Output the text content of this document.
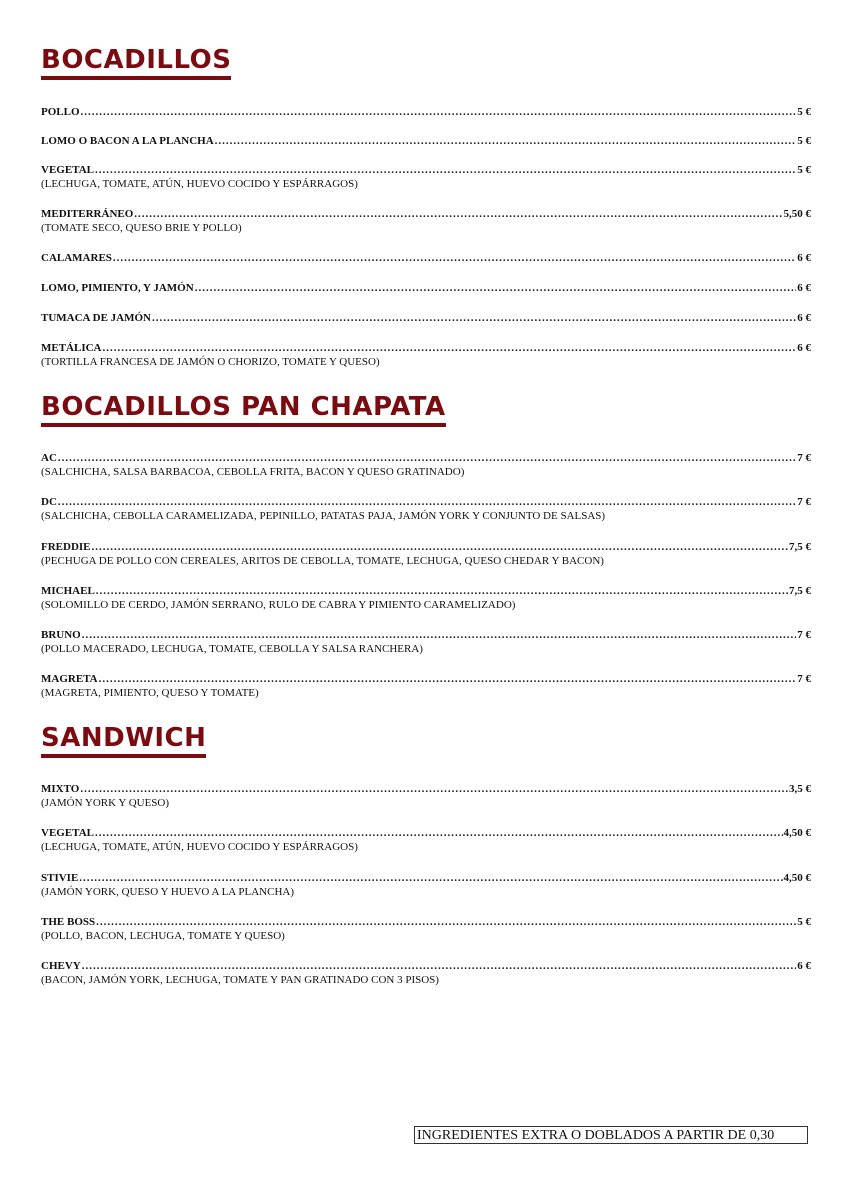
BOCADILLOS
POLLO .....	5 €
LOMO O BACON A LA PLANCHA .....	5 €
VEGETAL .....	5 €
(LECHUGA, TOMATE, ATÚN, HUEVO COCIDO Y ESPÁRRAGOS)
MEDITERRÁNEO .....	5,50 €
(TOMATE SECO, QUESO BRIE Y POLLO)
CALAMARES .....	6 €
LOMO, PIMIENTO, Y JAMÓN .....	6 €
TUMACA DE JAMÓN .....	6 €
METÁLICA .....	6 €
(TORTILLA FRANCESA DE JAMÓN O CHORIZO, TOMATE Y QUESO)
BOCADILLOS PAN CHAPATA
AC .....	7 €
(SALCHICHA, SALSA BARBACOA, CEBOLLA FRITA, BACON Y QUESO GRATINADO)
DC .....	7 €
(SALCHICHA, CEBOLLA CARAMELIZADA, PEPINILLO, PATATAS PAJA, JAMÓN YORK Y CONJUNTO DE SALSAS)
FREDDIE .....	7,5 €
(PECHUGA DE POLLO CON CEREALES, ARITOS DE CEBOLLA, TOMATE, LECHUGA, QUESO CHEDAR Y BACON)
MICHAEL .....	7,5 €
(SOLOMILLO DE CERDO, JAMÓN SERRANO, RULO DE CABRA Y PIMIENTO CARAMELIZADO)
BRUNO .....	7 €
(POLLO MACERADO, LECHUGA, TOMATE, CEBOLLA Y SALSA RANCHERA)
MAGRETA .....	7 €
(MAGRETA, PIMIENTO, QUESO Y TOMATE)
SANDWICH
MIXTO .....	3,5 €
(JAMÓN YORK Y QUESO)
VEGETAL .....	4,50 €
(LECHUGA, TOMATE, ATÚN, HUEVO COCIDO Y ESPÁRRAGOS)
STIVIE .....	4,50 €
(JAMÓN YORK, QUESO Y HUEVO A LA PLANCHA)
THE BOSS .....	5 €
(POLLO, BACON, LECHUGA, TOMATE Y QUESO)
CHEVY .....	6 €
(BACON, JAMÓN YORK, LECHUGA, TOMATE Y PAN GRATINADO CON 3 PISOS)
INGREDIENTES EXTRA O DOBLADOS A PARTIR DE 0,30
